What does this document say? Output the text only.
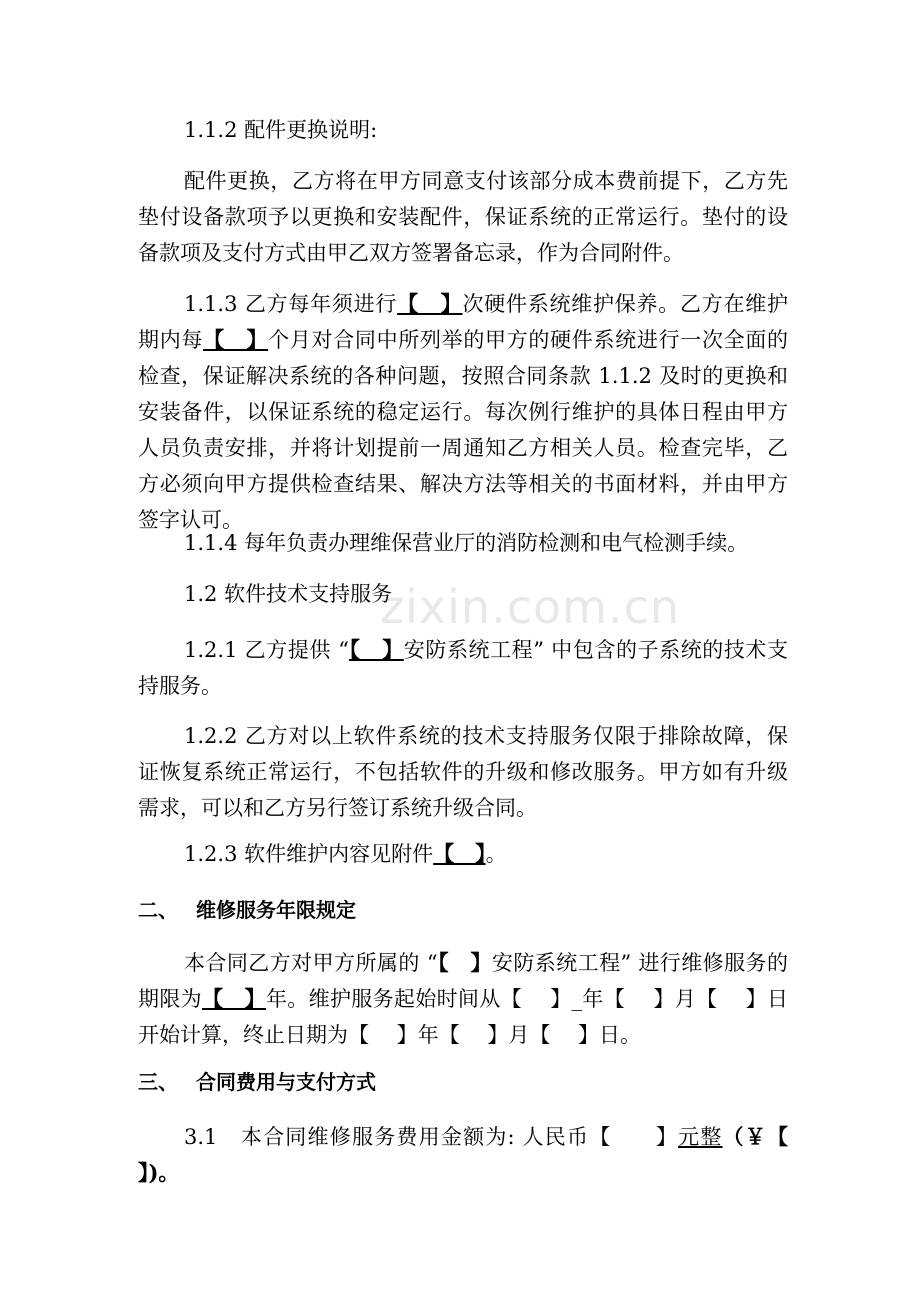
zixin.com.cn

1.1.2 配件更换说明:

配件更换，乙方将在甲方同意支付该部分成本费前提下，乙方先垫付设备款项予以更换和安装配件，保证系统的正常运行。垫付的设备款项及支付方式由甲乙双方签署备忘录，作为合同附件。

1.1.3 乙方每年须进行【　】次硬件系统维护保养。乙方在维护期内每【　】个月对合同中所列举的甲方的硬件系统进行一次全面的检查，保证解决系统的各种问题，按照合同条款 1.1.2 及时的更换和安装备件，以保证系统的稳定运行。每次例行维护的具体日程由甲方人员负责安排，并将计划提前一周通知乙方相关人员。检查完毕，乙方必须向甲方提供检查结果、解决方法等相关的书面材料，并由甲方签字认可。

1.1.4 每年负责办理维保营业厅的消防检测和电气检测手续。

1.2 软件技术支持服务

1.2.1 乙方提供 “【　】安防系统工程” 中包含的子系统的技术支持服务。

1.2.2 乙方对以上软件系统的技术支持服务仅限于排除故障，保证恢复系统正常运行，不包括软件的升级和修改服务。甲方如有升级需求，可以和乙方另行签订系统升级合同。

1.2.3 软件维护内容见附件【　】。

二、 维修服务年限规定

本合同乙方对甲方所属的 “【　】安防系统工程” 进行维修服务的期限为【　】年。维护服务起始时间从【　 】_年【　 】月【　 】日开始计算，终止日期为【　 】年【　 】月【　 】日。

三、 合同费用与支付方式

3.1　本合同维修服务费用金额为: 人民币【　　】元整（￥【　 】)。
